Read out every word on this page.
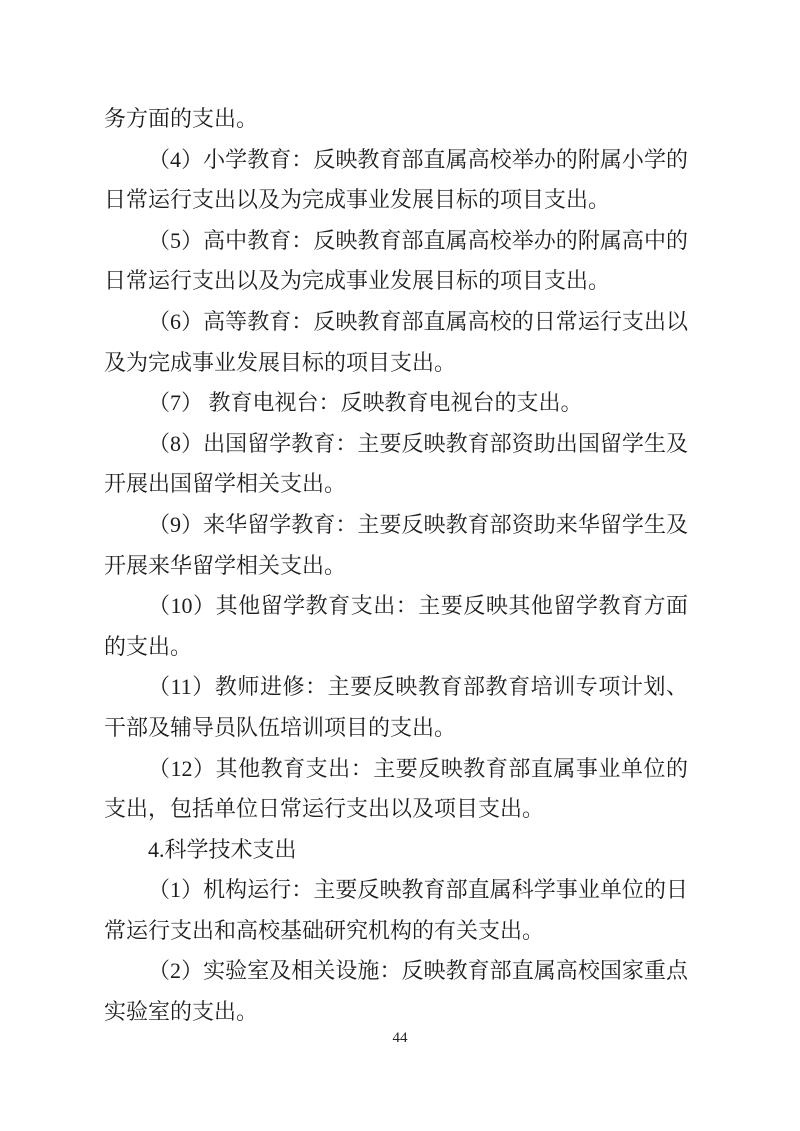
务方面的支出。

（4）小学教育：反映教育部直属高校举办的附属小学的日常运行支出以及为完成事业发展目标的项目支出。

（5）高中教育：反映教育部直属高校举办的附属高中的日常运行支出以及为完成事业发展目标的项目支出。

（6）高等教育：反映教育部直属高校的日常运行支出以及为完成事业发展目标的项目支出。

（7） 教育电视台：反映教育电视台的支出。

（8）出国留学教育：主要反映教育部资助出国留学生及开展出国留学相关支出。

（9）来华留学教育：主要反映教育部资助来华留学生及开展来华留学相关支出。

（10）其他留学教育支出：主要反映其他留学教育方面的支出。

（11）教师进修：主要反映教育部教育培训专项计划、干部及辅导员队伍培训项目的支出。

（12）其他教育支出：主要反映教育部直属事业单位的支出，包括单位日常运行支出以及项目支出。

4.科学技术支出

（1）机构运行：主要反映教育部直属科学事业单位的日常运行支出和高校基础研究机构的有关支出。

（2）实验室及相关设施：反映教育部直属高校国家重点实验室的支出。

44
